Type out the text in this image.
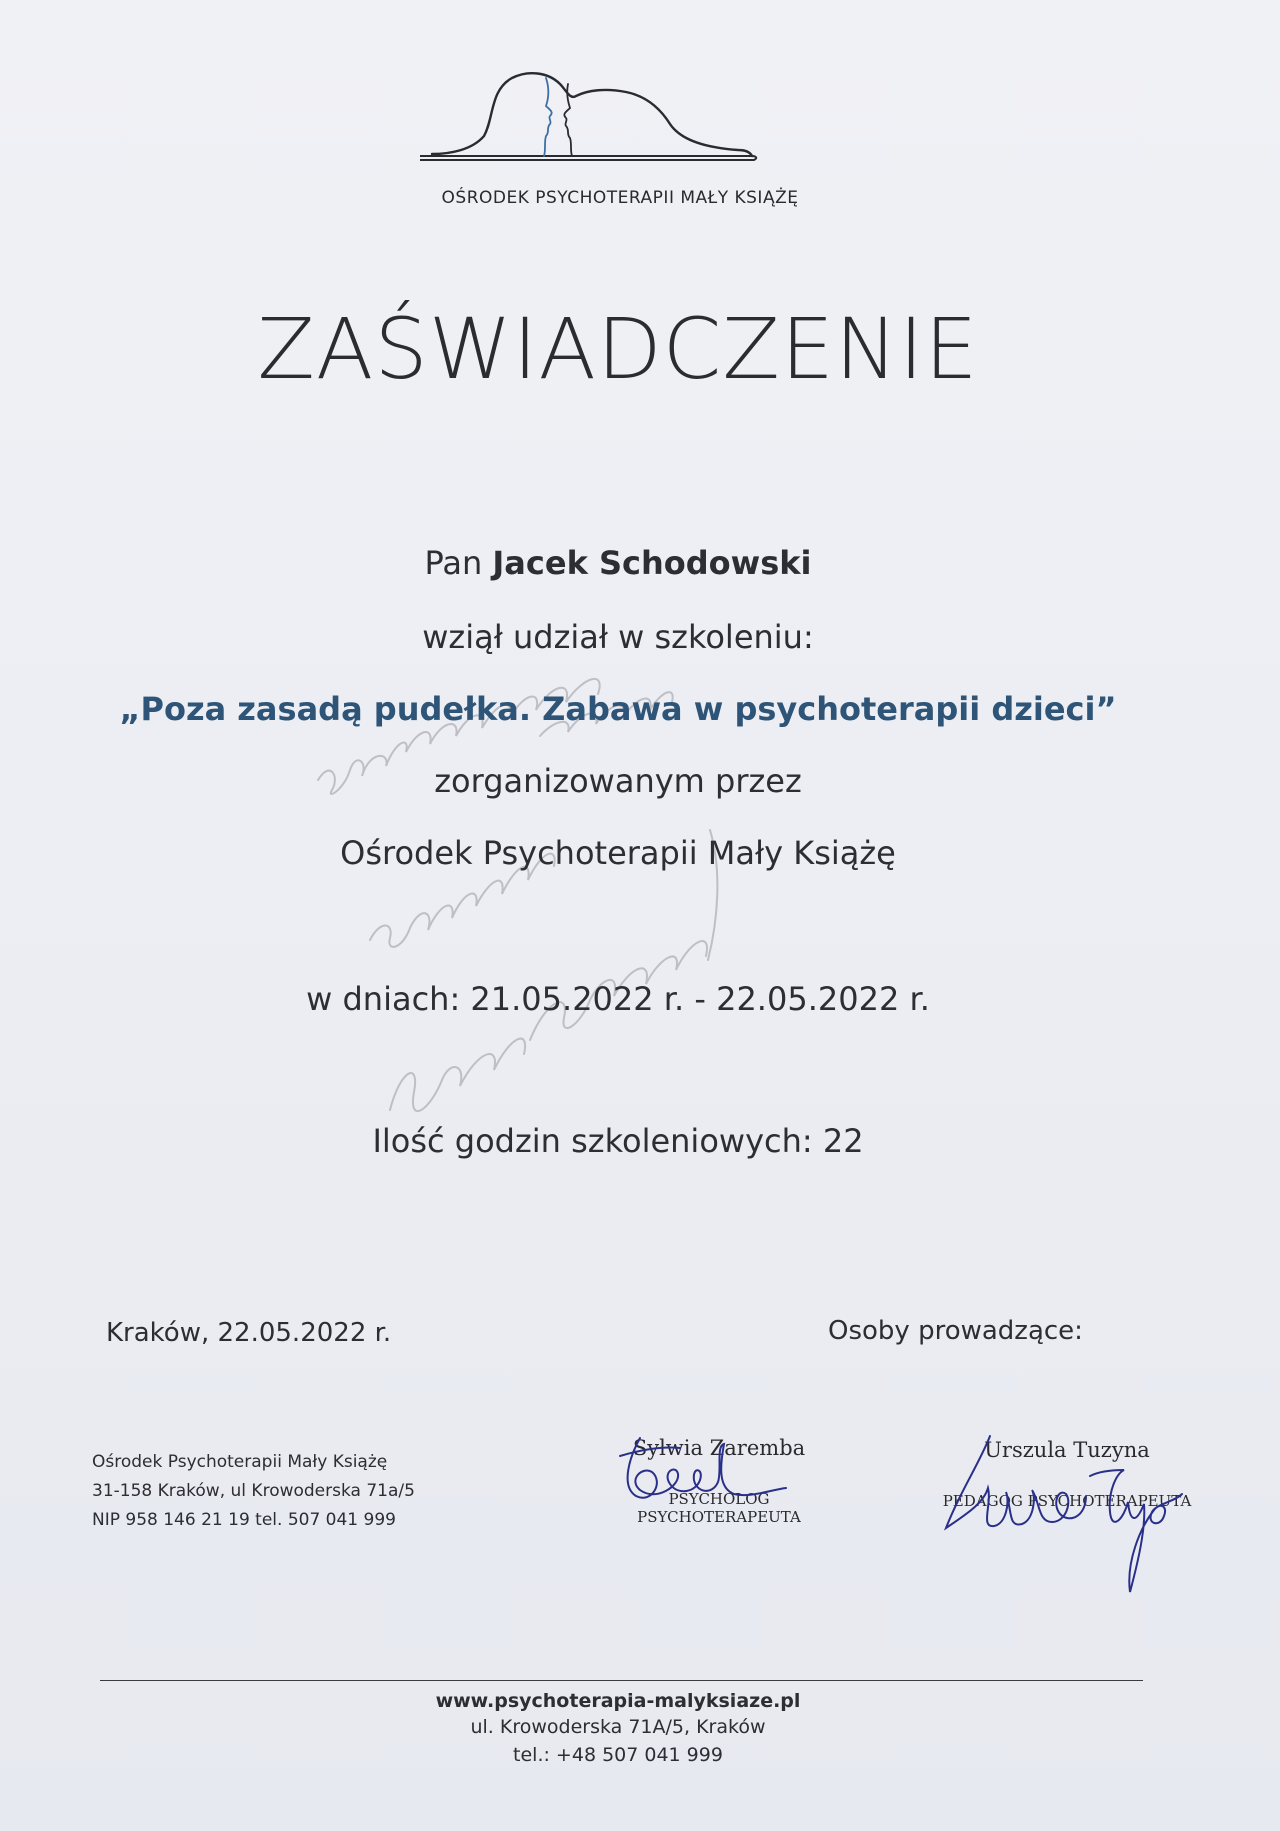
OŚRODEK PSYCHOTERAPII MAŁY KSIĄŻĘ
ZAŚWIADCZENIE
Pan Jacek Schodowski
wziął udział w szkoleniu:
„Poza zasadą pudełka. Zabawa w psychoterapii dzieci”
zorganizowanym przez
Ośrodek Psychoterapii Mały Książę
w dniach: 21.05.2022 r. - 22.05.2022 r.
Ilość godzin szkoleniowych: 22
Kraków, 22.05.2022 r.	Osoby prowadzące:
Ośrodek Psychoterapii Mały Książę
31-158 Kraków, ul Krowoderska 71a/5
NIP 958 146 21 19 tel. 507 041 999
Sylwia Zaremba
PSYCHOLOG PSYCHOTERAPEUTA
Urszula Tuzyna
PEDAGOG PSYCHOTERAPEUTA
www.psychoterapia-malyksiaze.pl
ul. Krowoderska 71A/5, Kraków
tel.: +48 507 041 999
